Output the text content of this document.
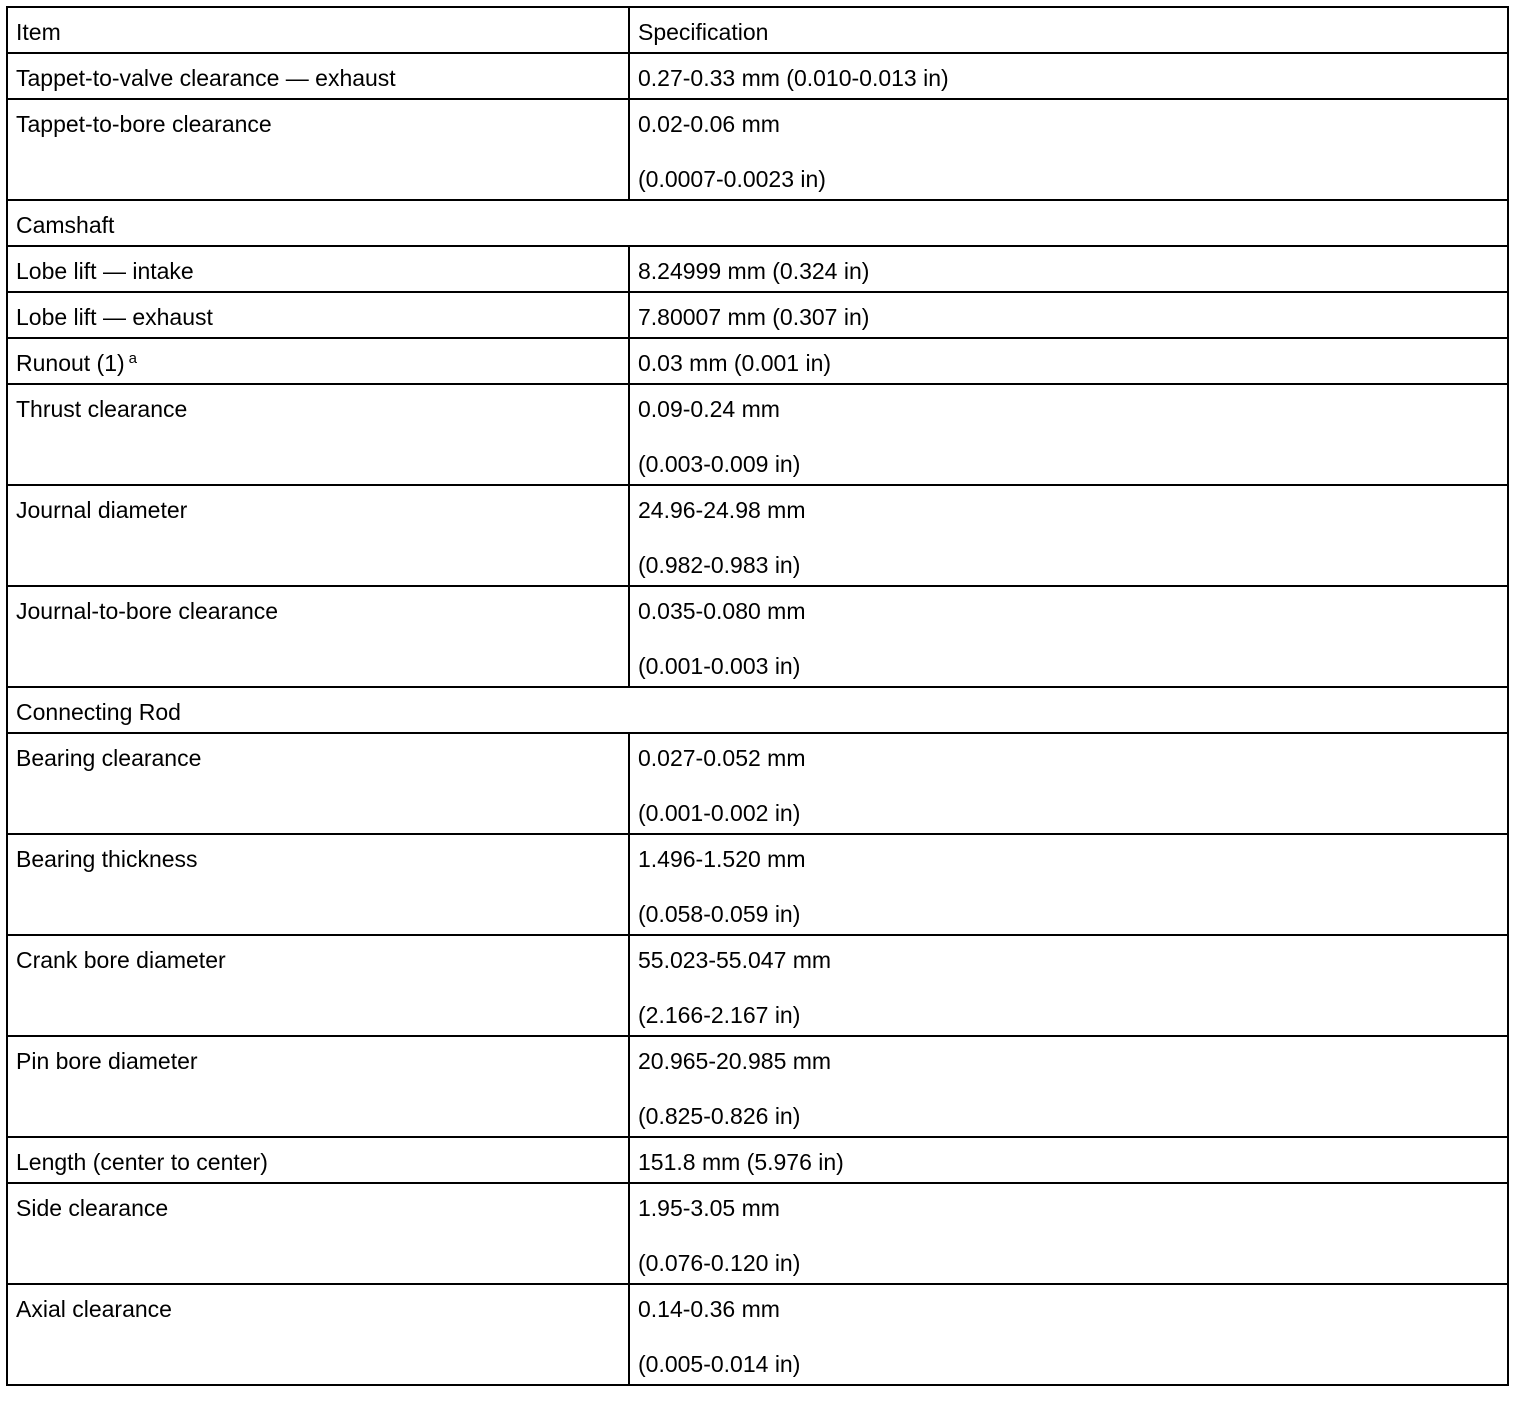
Item	Specification

Tappet-to-valve clearance — exhaust	0.27-0.33 mm (0.010-0.013 in)

Tappet-to-bore clearance	0.02-0.06 mm
(0.0007-0.0023 in)

Camshaft	

Lobe lift — intake	8.24999 mm (0.324 in)

Lobe lift — exhaust	7.80007 mm (0.307 in)

Runout (1) $^a$	0.03 mm (0.001 in)

Thrust clearance	0.09-0.24 mm
(0.003-0.009 in)

Journal diameter	24.96-24.98 mm
(0.982-0.983 in)

Journal-to-bore clearance	0.035-0.080 mm
(0.001-0.003 in)

Connecting Rod	

Bearing clearance	0.027-0.052 mm
(0.001-0.002 in)

Bearing thickness	1.496-1.520 mm
(0.058-0.059 in)

Crank bore diameter	55.023-55.047 mm
(2.166-2.167 in)

Pin bore diameter	20.965-20.985 mm
(0.825-0.826 in)

Length (center to center)	151.8 mm (5.976 in)

Side clearance	1.95-3.05 mm
(0.076-0.120 in)

Axial clearance	0.14-0.36 mm
(0.005-0.014 in)
